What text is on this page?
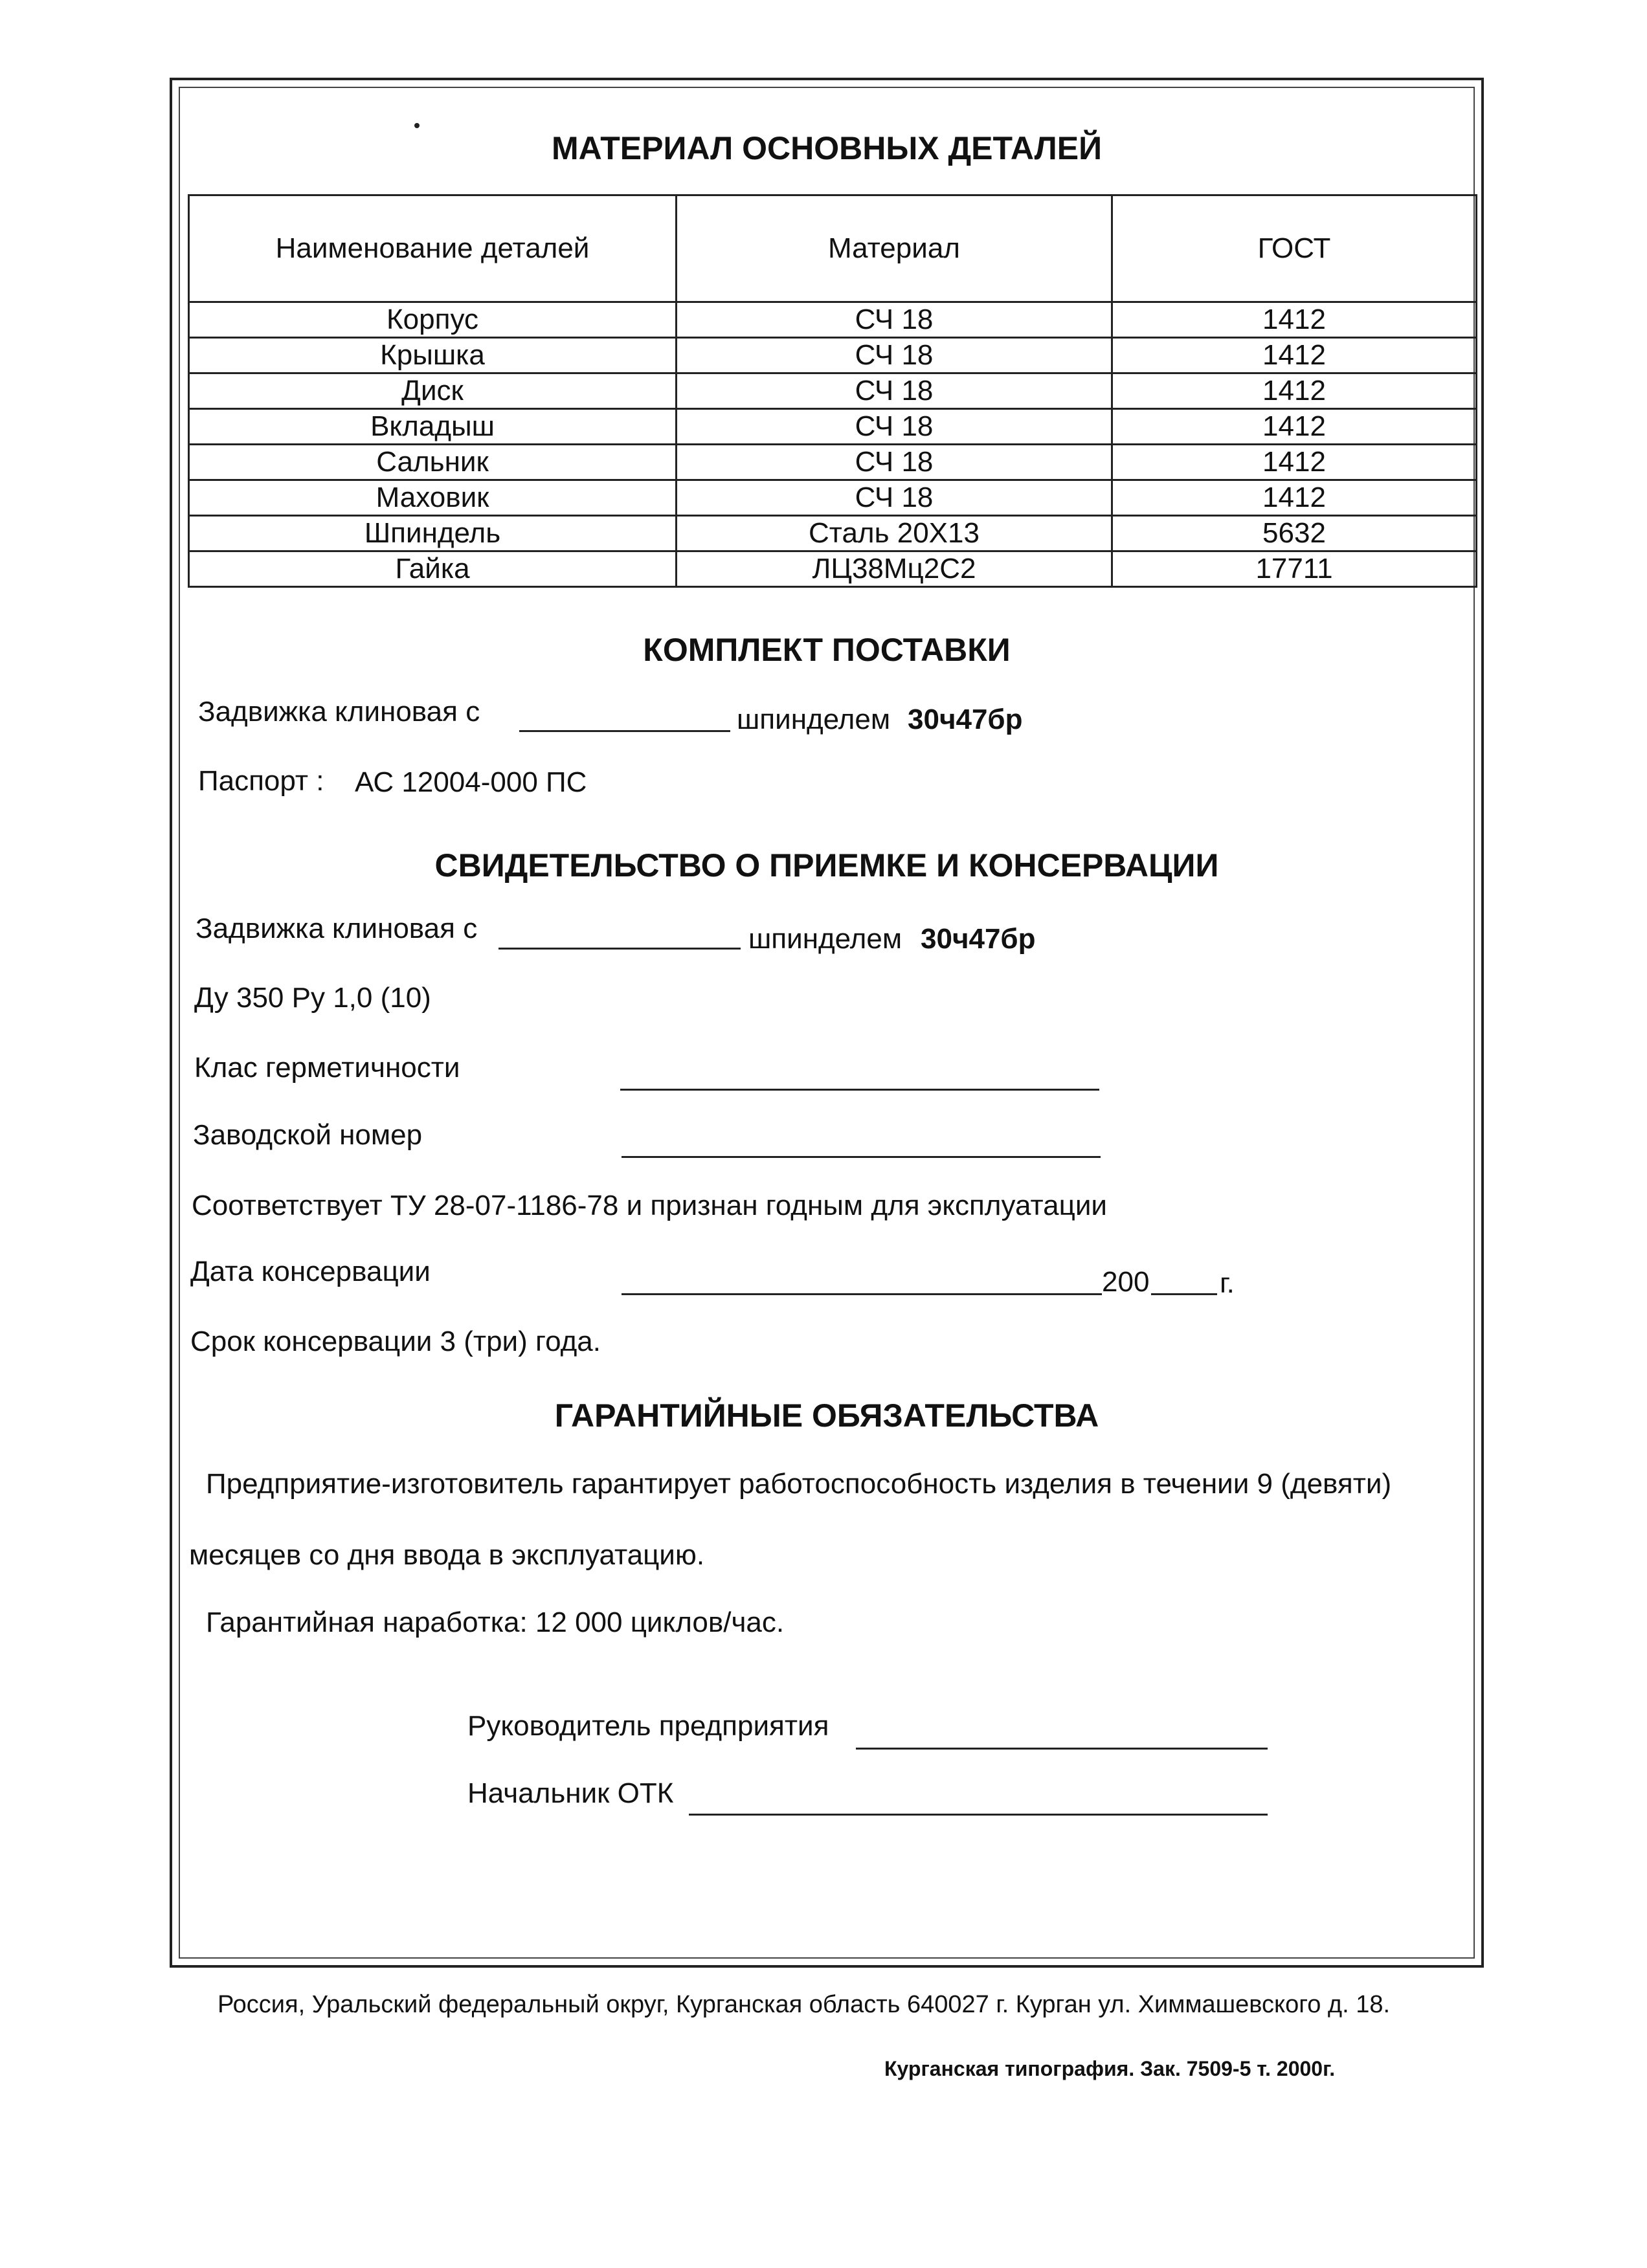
МАТЕРИАЛ ОСНОВНЫХ ДЕТАЛЕЙ
Наименование деталей	Материал	ГОСТ
Корпус	СЧ 18	1412
Крышка	СЧ 18	1412
Диск	СЧ 18	1412
Вкладыш	СЧ 18	1412
Сальник	СЧ 18	1412
Маховик	СЧ 18	1412
Шпиндель	Сталь 20Х13	5632
Гайка	ЛЦ38Мц2С2	17711
КОМПЛЕКТ ПОСТАВКИ
Задвижка клиновая с	шпинделем 30ч47бр
Паспорт : АС 12004-000 ПС
СВИДЕТЕЛЬСТВО О ПРИЕМКЕ И КОНСЕРВАЦИИ
Задвижка клиновая с	шпинделем 30ч47бр
Ду 350 Ру 1,0 (10)
Клас герметичности
Заводской номер
Соответствует ТУ 28-07-1186-78 и признан годным для эксплуатации
Дата консервации	200 г.
Срок консервации 3 (три) года.
ГАРАНТИЙНЫЕ ОБЯЗАТЕЛЬСТВА
Предприятие-изготовитель гарантирует работоспособность изделия в течении 9 (девяти)
месяцев со дня ввода в эксплуатацию.
Гарантийная наработка: 12 000 циклов/час.
Руководитель предприятия
Начальник ОТК
Россия, Уральский федеральный округ, Курганская область 640027 г. Курган ул. Химмашевского д. 18.
Курганская типография. Зак. 7509-5 т. 2000г.
